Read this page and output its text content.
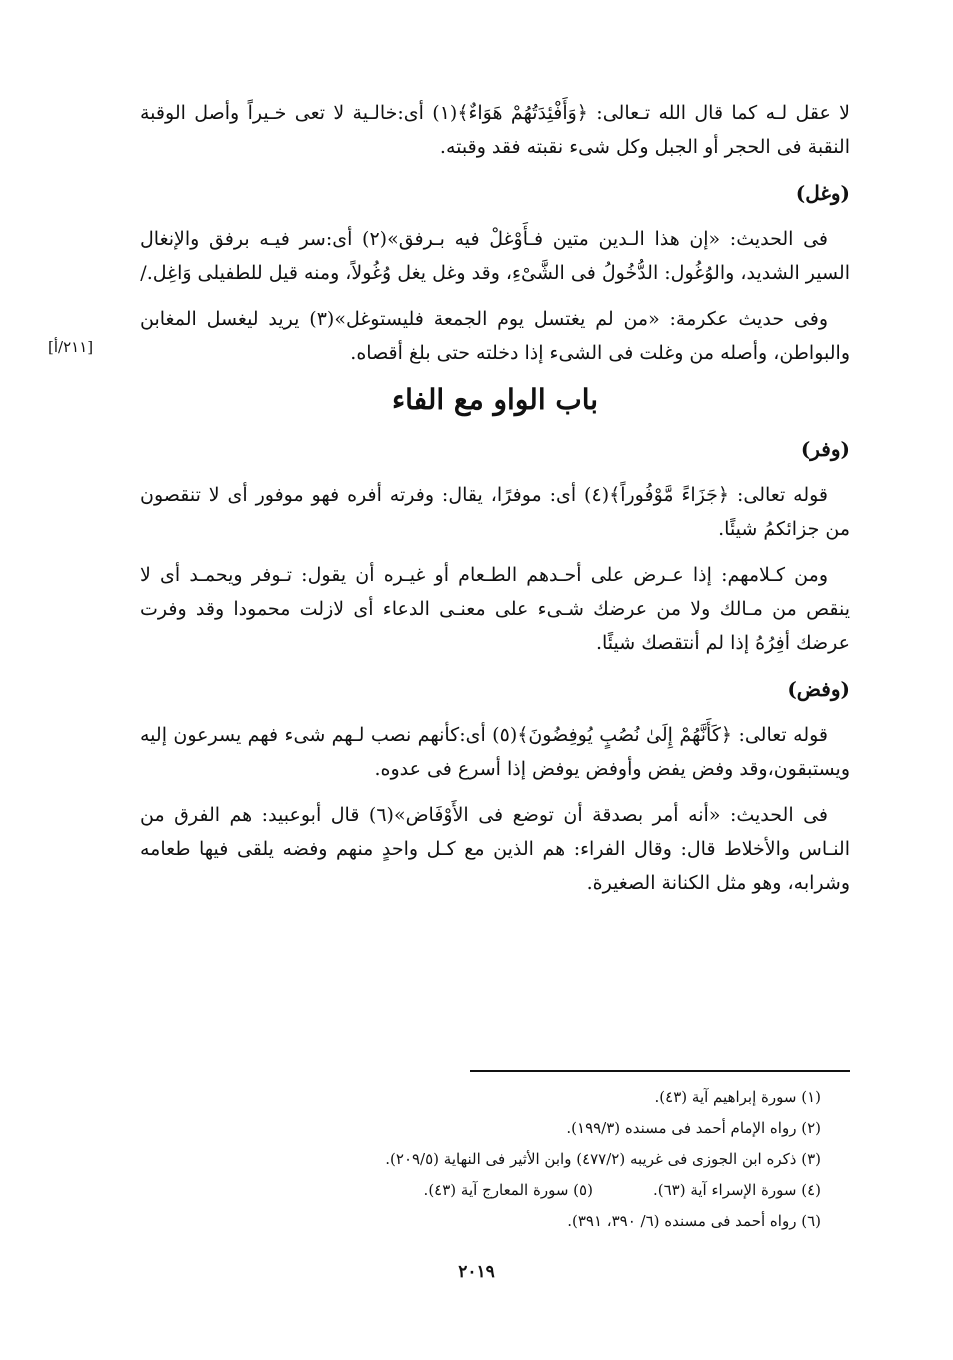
لا عقل لـه كما قال الله تـعالى: ﴿وَأَفْئِدَتُهُمْ هَوَاءٌ﴾(١) أى:خالـية لا تعى خـيراً وأصل الوقبة النقبة فى الحجر أو الجبل وكل شىء نقبته فقد وقبته.

(وغل)

فى الحديث: «إن هذا الـدين متين فـأَوْغلْ فيه بـرفق»(٢) أى:سر فيـه برفق والإنغال السير الشديد، والوُغُول: الدُّخُولُ فى الشَّىْءِ، وقد وغل يغل وُغُولاً، ومنه قيل للطفيلى وَاغِل./

وفى حديث عكرمة: «من لم يغتسل يوم الجمعة فليستوغل»(٣) يريد ليغسل المغابن والبواطن، وأصله من وغلت فى الشىء إذا دخلته حتى بلغ أقصاه.

باب الواو مع الفاء
(وفر)

قوله تعالى: ﴿جَزَاءً مَّوْفُوراً﴾(٤) أى: موفرًا، يقال: وفرته أفره فهو موفور أى لا تنقصون من جزائكمُ شيئًا.

ومن كـلامهم: إذا عـرض على أحـدهم الطـعام أو غيـره أن يقول: تـوفر ويحمـد أى لا ينقص من مـالك ولا من عرضك شـىء على معنـى الدعاء أى لازلت محمودا وقد وفرت عرضك أفِرُهُ إذا لم أنتقصك شيئًا.

(وفض)

قوله تعالى: ﴿كَأَنَّهُمْ إِلَىٰ نُصُبٍ يُوفِضُونَ﴾(٥) أى:كأنهم نصب لـهم شىء فهم يسرعون إليه ويستبقون،وقد وفض يفض وأوفض يوفض إذا أسرع فى عدوه.

فى الحديث: «أنه أمر بصدقة أن توضع فى الأَوْفَاض»(٦) قال أبوعبيد: هم الفرق من النـاس والأخلاط قال: وقال الفراء: هم الذين مع كـل واحدٍ منهم وفضه يلقى فيها طعامه وشرابه، وهو مثل الكنانة الصغيرة.

[٢١١/أ]
(١) سورة إبراهيم آية (٤٣).
(٢) رواه الإمام أحمد فى مسنده (١٩٩/٣).
(٣) ذكره ابن الجوزى فى غريبه (٤٧٧/٢) وابن الأثير فى النهاية (٢٠٩/٥).
(٤) سورة الإسراء آية (٦٣).(٥) سورة المعارج آية (٤٣).
(٦) رواه أحمد فى مسنده (٦/ ٣٩٠، ٣٩١).
٢٠١٩
